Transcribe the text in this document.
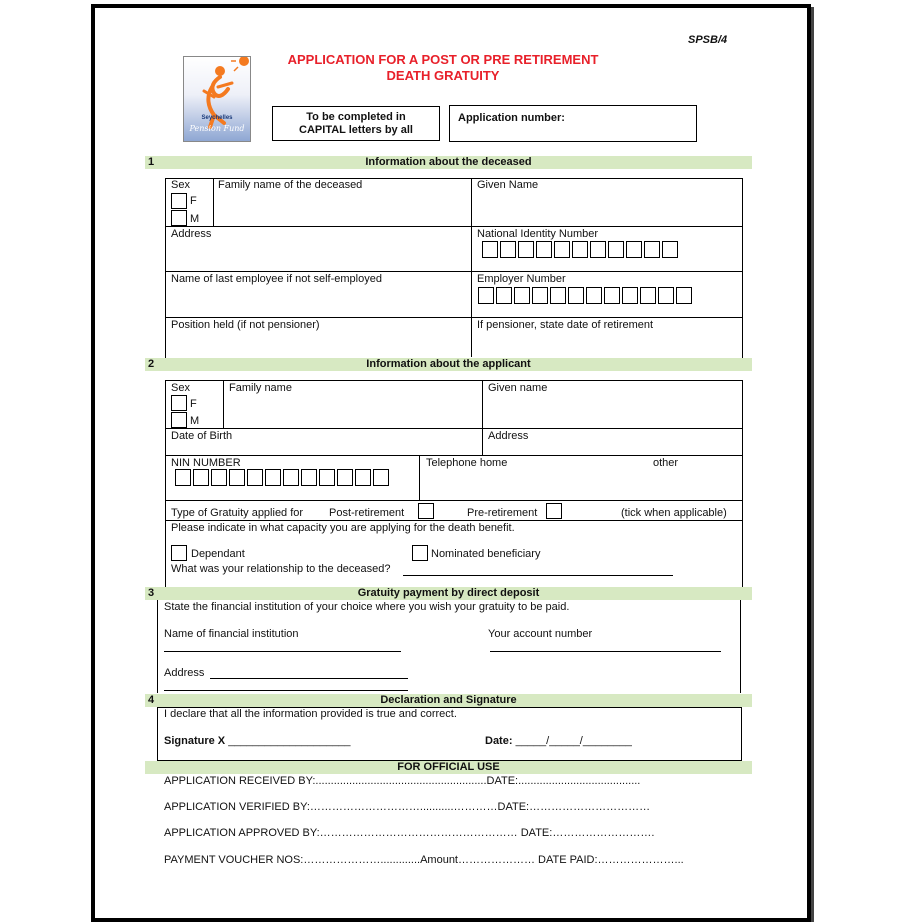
SPSB/4
Seychelles
Pension Fund
APPLICATION FOR A POST OR PRE RETIREMENT
DEATH GRATUITY
To be completed in
CAPITAL letters by all
Application number:
1	Information about the deceased
Sex
F
M
Family name of the deceased	Given Name
Address	National Identity Number
Name of last employee if not self-employed	Employer Number
Position held (if not pensioner)	If pensioner, state date of retirement
2	Information about the applicant
Sex
F
M
Family name	Given name
Date of Birth	Address
NIN NUMBER	Telephone home	other
Type of Gratuity applied for Post-retirement	Pre-retirement	(tick when applicable)
Please indicate in what capacity you are applying for the death benefit.
Dependant	Nominated beneficiary
What was your relationship to the deceased?
3	Gratuity payment by direct deposit
State the financial institution of your choice where you wish your gratuity to be paid.
Name of financial institution	Your account number
Address
4	Declaration and Signature
I declare that all the information provided is true and correct.
Signature X ____________________	Date: _____/_____/________
FOR OFFICIAL USE
APPLICATION RECEIVED BY:........................................................DATE:........................................
APPLICATION VERIFIED BY:…………………………...........…………DATE:……………………………
APPLICATION APPROVED BY:……………………………………………… DATE:……………………….
PAYMENT VOUCHER NOS:………………….............Amount………………… DATE PAID:…………………...
